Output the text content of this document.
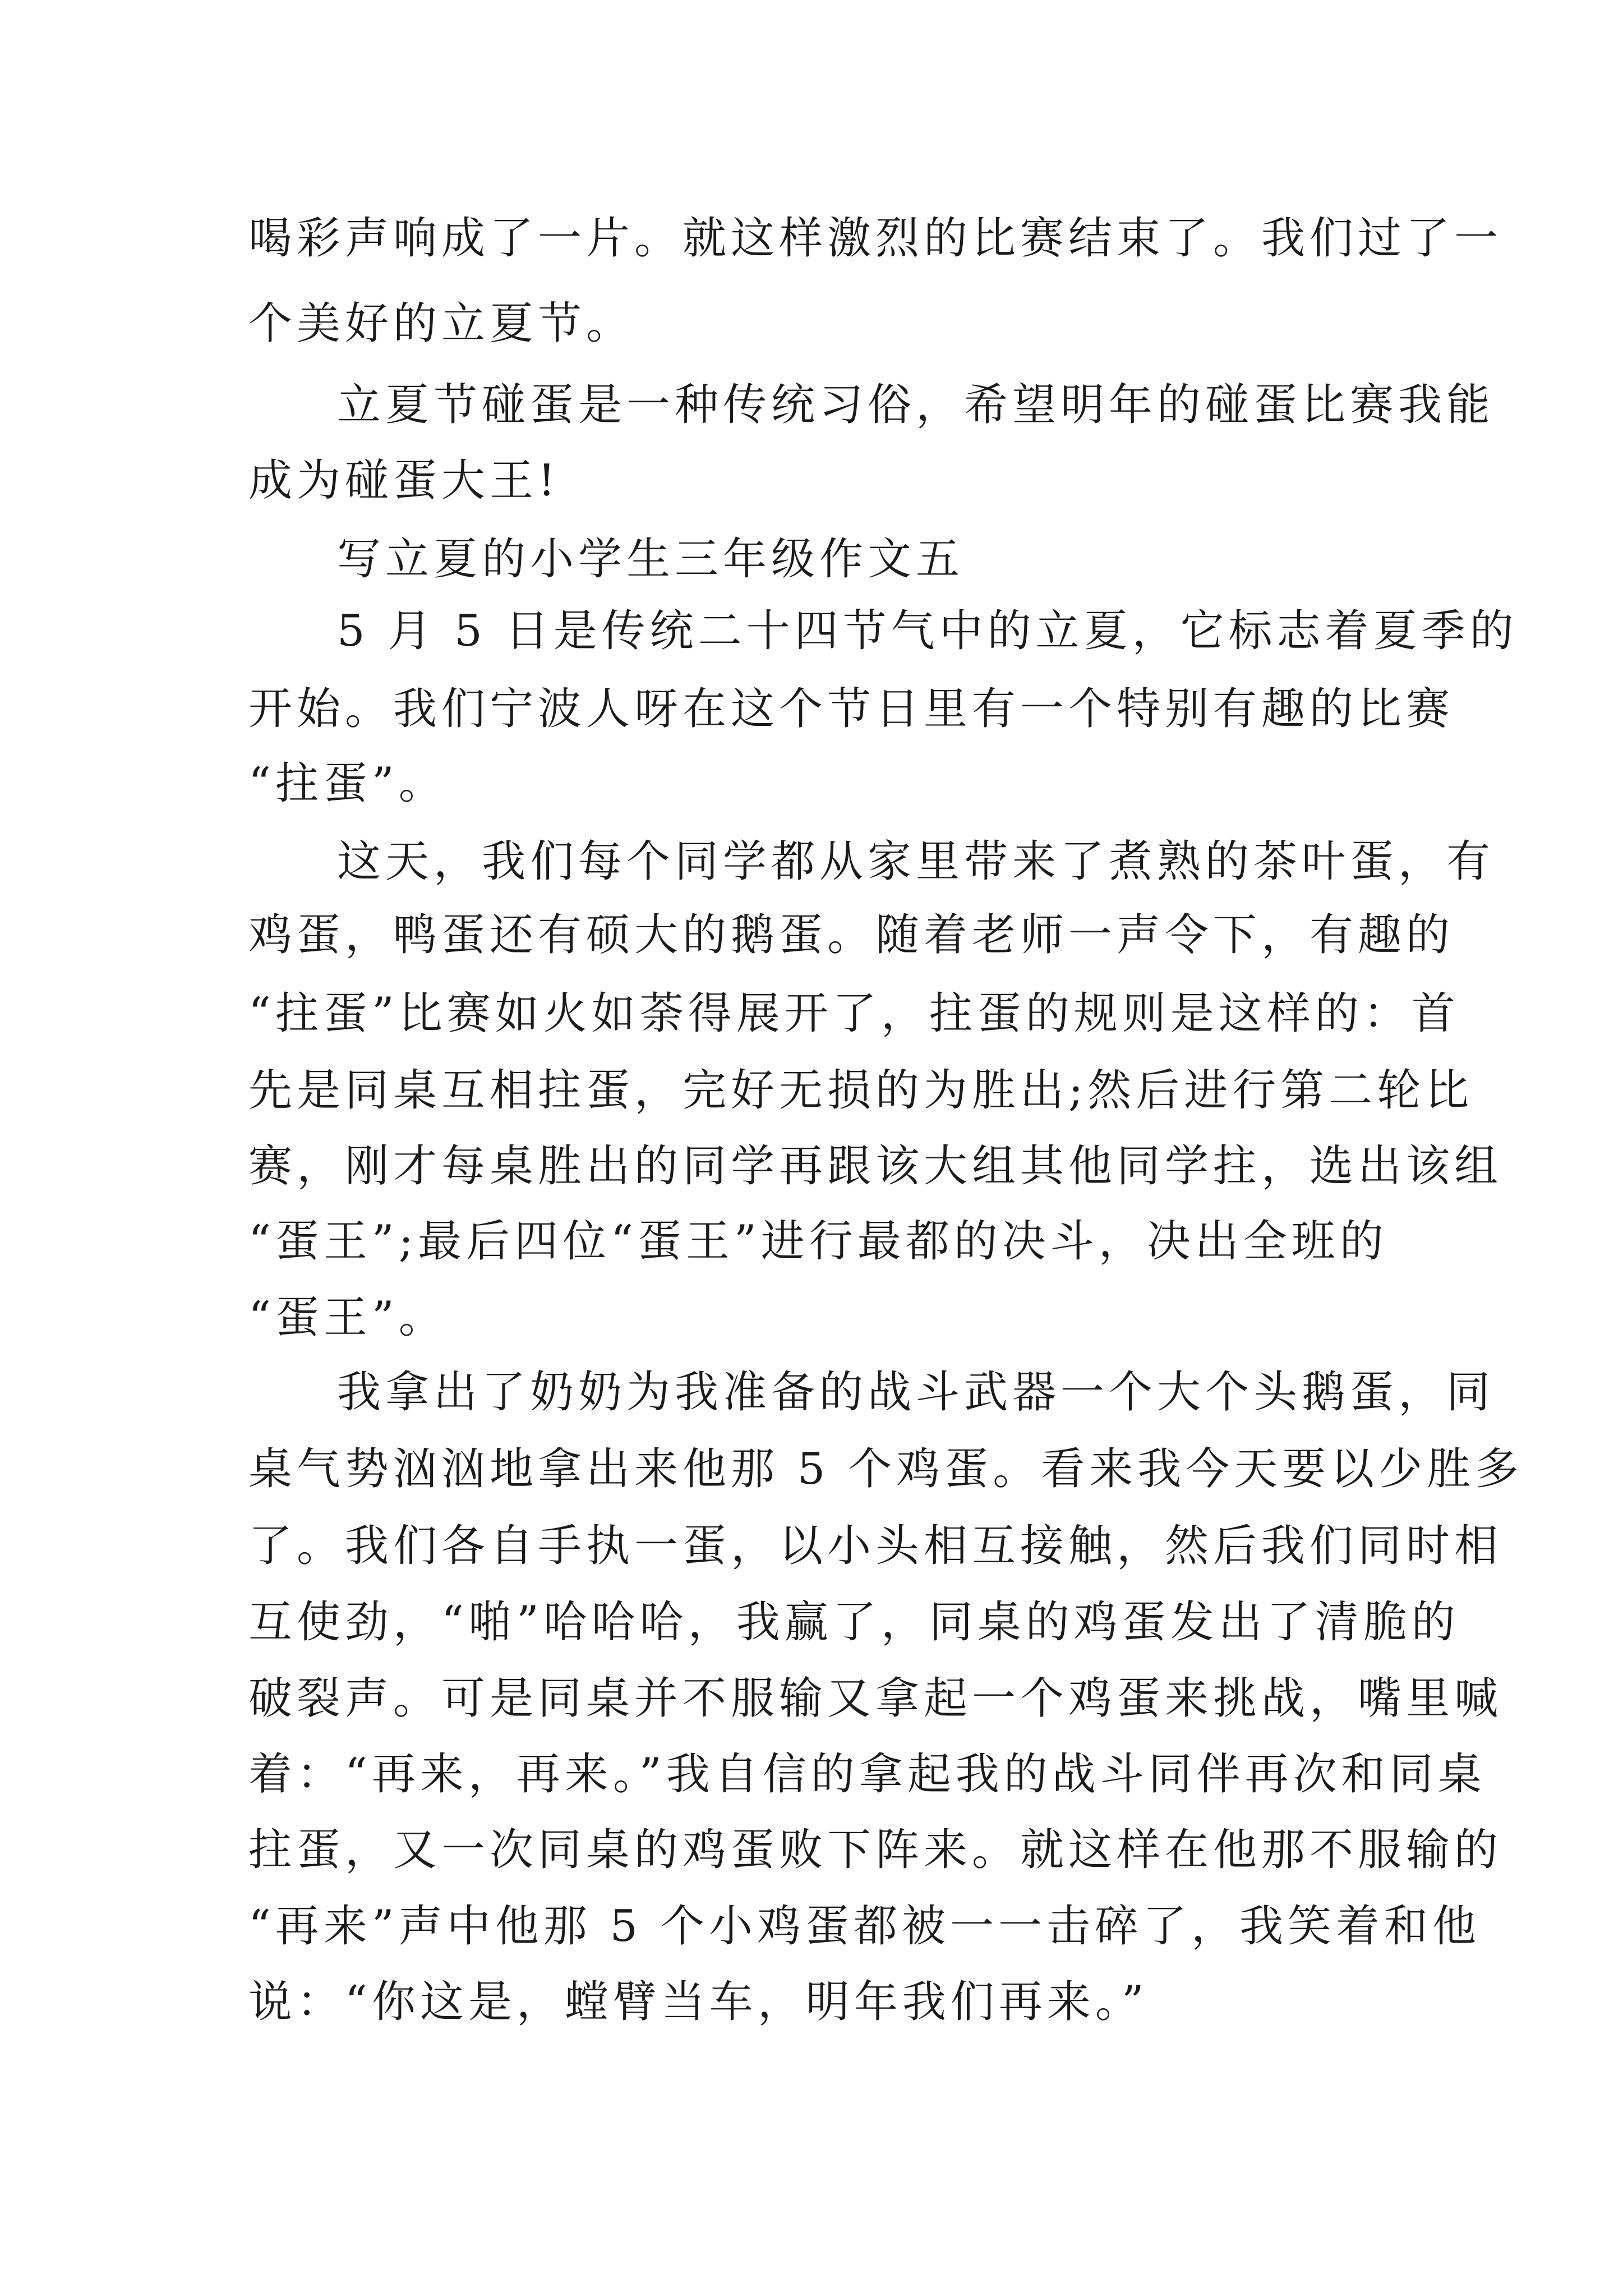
喝彩声响成了一片。就这样激烈的比赛结束了。我们过了一
个美好的立夏节。
立夏节碰蛋是一种传统习俗，希望明年的碰蛋比赛我能
成为碰蛋大王!
写立夏的小学生三年级作文五
5 月 5 日是传统二十四节气中的立夏，它标志着夏季的
开始。我们宁波人呀在这个节日里有一个特别有趣的比赛
“拄蛋”。
这天，我们每个同学都从家里带来了煮熟的茶叶蛋，有
鸡蛋，鸭蛋还有硕大的鹅蛋。随着老师一声令下，有趣的
“拄蛋”比赛如火如荼得展开了，拄蛋的规则是这样的：首
先是同桌互相拄蛋，完好无损的为胜出;然后进行第二轮比
赛，刚才每桌胜出的同学再跟该大组其他同学拄，选出该组
“蛋王”;最后四位“蛋王”进行最都的决斗，决出全班的
“蛋王”。
我拿出了奶奶为我准备的战斗武器一个大个头鹅蛋，同
桌气势汹汹地拿出来他那 5 个鸡蛋。看来我今天要以少胜多
了。我们各自手执一蛋，以小头相互接触，然后我们同时相
互使劲，“啪”哈哈哈，我赢了，同桌的鸡蛋发出了清脆的
破裂声。可是同桌并不服输又拿起一个鸡蛋来挑战，嘴里喊
着：“再来，再来。”我自信的拿起我的战斗同伴再次和同桌
拄蛋，又一次同桌的鸡蛋败下阵来。就这样在他那不服输的
“再来”声中他那 5 个小鸡蛋都被一一击碎了，我笑着和他
说：“你这是，螳臂当车，明年我们再来。”
